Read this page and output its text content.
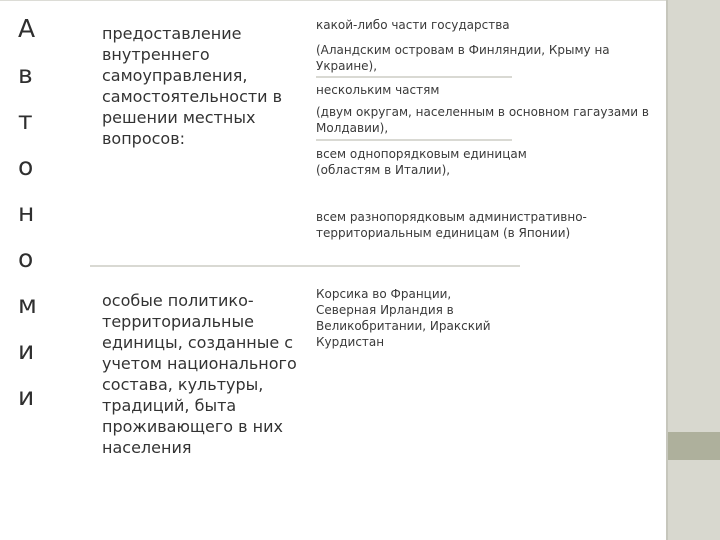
А
в
т
о
н
о
м
и
и
предоставление
внутреннего
самоуправления,
самостоятельности в
решении местных
вопросов:
какой-либо части государства
(Аландским островам в Финляндии, Крыму на
Украине),
нескольким частям
(двум округам, населенным в основном гагаузами в
Молдавии),
всем однопорядковым единицам
(областям в Италии),
всем разнопорядковым административно-
территориальным единицам (в Японии)
особые политико-
территориальные
единицы, созданные с
учетом национального
состава, культуры,
традиций, быта
проживающего в них
населения
Корсика во Франции,
Северная Ирландия в
Великобритании, Иракский
Курдистан
